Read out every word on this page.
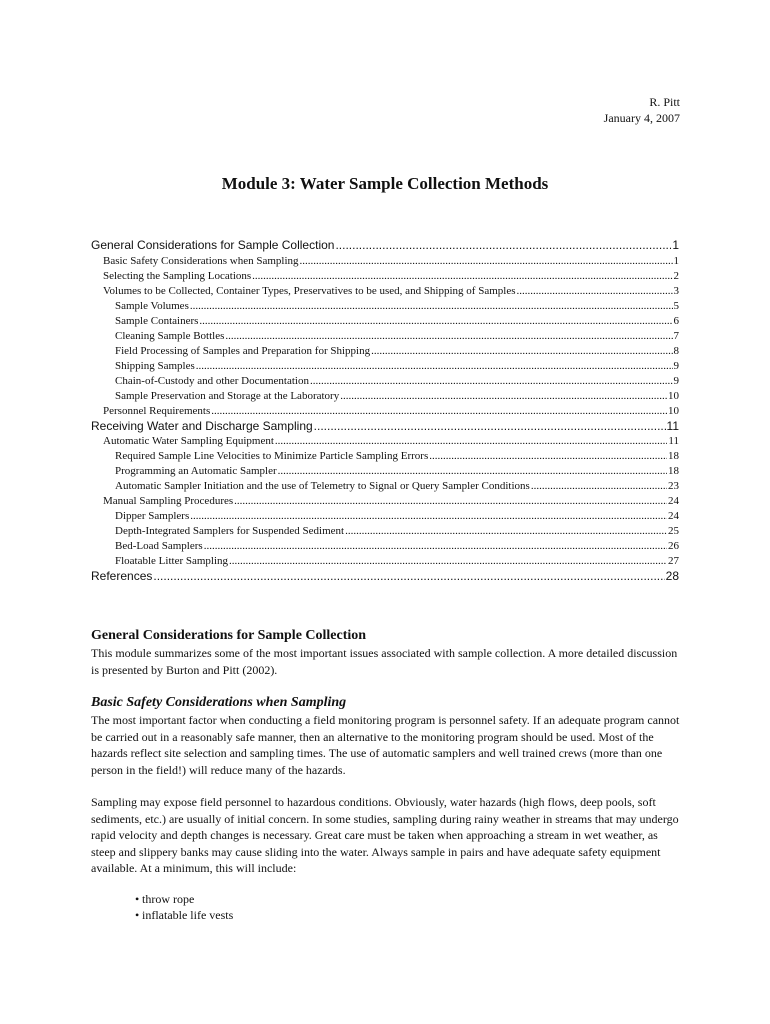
R. Pitt
January 4, 2007
Module 3: Water Sample Collection Methods
General Considerations for Sample Collection .....	1
Basic Safety Considerations when Sampling .....	1
Selecting the Sampling Locations .....	2
Volumes to be Collected, Container Types, Preservatives to be used, and Shipping of Samples .....	3
Sample Volumes .....	5
Sample Containers .....	6
Cleaning Sample Bottles .....	7
Field Processing of Samples and Preparation for Shipping .....	8
Shipping Samples .....	9
Chain-of-Custody and other Documentation .....	9
Sample Preservation and Storage at the Laboratory .....	10
Personnel Requirements .....	10
Receiving Water and Discharge Sampling .....	11
Automatic Water Sampling Equipment .....	11
Required Sample Line Velocities to Minimize Particle Sampling Errors .....	18
Programming an Automatic Sampler .....	18
Automatic Sampler Initiation and the use of Telemetry to Signal or Query Sampler Conditions .....	23
Manual Sampling Procedures .....	24
Dipper Samplers .....	24
Depth-Integrated Samplers for Suspended Sediment .....	25
Bed-Load Samplers .....	26
Floatable Litter Sampling .....	27
References .....	28
General Considerations for Sample Collection

This module summarizes some of the most important issues associated with sample collection. A more detailed discussion is presented by Burton and Pitt (2002).

Basic Safety Considerations when Sampling

The most important factor when conducting a field monitoring program is personnel safety. If an adequate program cannot be carried out in a reasonably safe manner, then an alternative to the monitoring program should be used. Most of the hazards reflect site selection and sampling times. The use of automatic samplers and well trained crews (more than one person in the field!) will reduce many of the hazards.

Sampling may expose field personnel to hazardous conditions. Obviously, water hazards (high flows, deep pools, soft sediments, etc.) are usually of initial concern. In some studies, sampling during rainy weather in streams that may undergo rapid velocity and depth changes is necessary. Great care must be taken when approaching a stream in wet weather, as steep and slippery banks may cause sliding into the water. Always sample in pairs and have adequate safety equipment available. At a minimum, this will include:

• throw rope
• inflatable life vests
